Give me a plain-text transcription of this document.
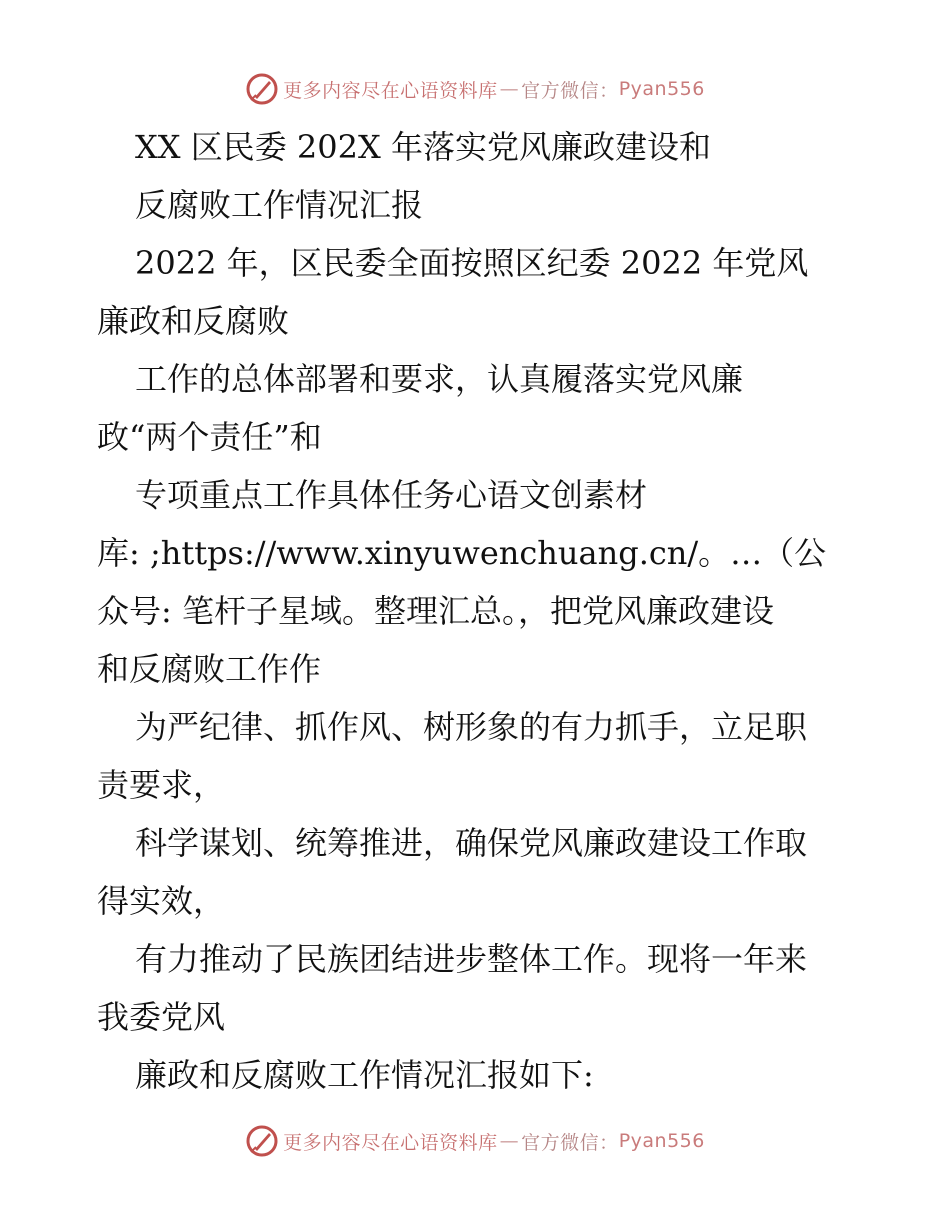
更多内容尽在心语资料库 — 官方微信： Pyan556
XX 区民委 202X 年落实党风廉政建设和
反腐败工作情况汇报
2022 年，区民委全面按照区纪委 2022 年党风
廉政和反腐败
工作的总体部署和要求，认真履落实党风廉
政“两个责任”和
专项重点工作具体任务心语文创素材
库: ;https://www.xinyuwenchuang.cn/。…（公
众号: 笔杆子星域。整理汇总。，把党风廉政建设
和反腐败工作作
为严纪律、抓作风、树形象的有力抓手，立足职
责要求，
科学谋划、统筹推进，确保党风廉政建设工作取
得实效，
有力推动了民族团结进步整体工作。现将一年来
我委党风
廉政和反腐败工作情况汇报如下:
更多内容尽在心语资料库 — 官方微信： Pyan556
